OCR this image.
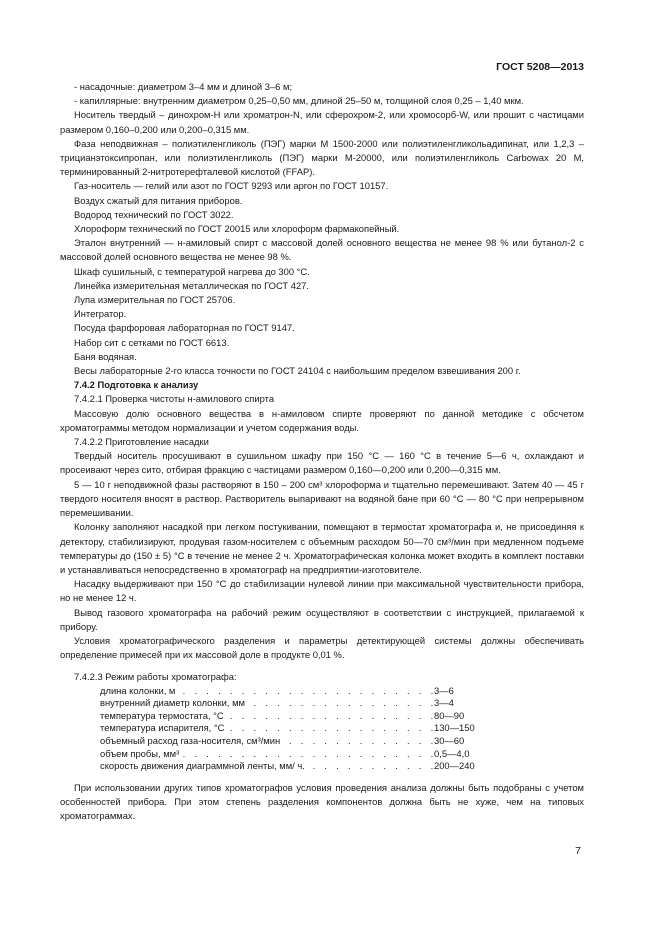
ГОСТ 5208—2013

- насадочные: диаметром 3–4 мм и длиной 3–6 м;

- капиллярные: внутренним диаметром 0,25–0,50 мм, длиной 25–50 м, толщиной слоя 0,25 – 1,40 мкм.

Носитель твердый – динохром-Н или хроматрон-N, или сферохром-2, или хромосорб-W, или прошит с частицами размером 0,160–0,200 или 0,200–0,315 мм.

Фаза неподвижная – полиэтиленгликоль (ПЭГ) марки М 1500-2000 или полиэтиленгликольадипинат, или 1,2,3 – трицианэтоксипропан, или полиэтиленгликоль (ПЭГ) марки М-20000, или полиэтиленгликоль Carbowax 20 М, терминированный 2-нитротерефталевой кислотой (FFAP).

Газ-носитель — гелий или азот по ГОСТ 9293 или аргон по ГОСТ 10157.

Воздух сжатый для питания приборов.

Водород технический по ГОСТ 3022.

Хлороформ технический по ГОСТ 20015 или хлороформ фармакопейный.

Эталон внутренний — н-амиловый спирт с массовой долей основного вещества не менее 98 % или бутанол-2 с массовой долей основного вещества не менее 98 %.

Шкаф сушильный, с температурой нагрева до 300 °С.

Линейка измерительная металлическая по ГОСТ 427.

Лупа измерительная по ГОСТ 25706.

Интегратор.

Посуда фарфоровая лабораторная по ГОСТ 9147.

Набор сит с сетками по ГОСТ 6613.

Баня водяная.

Весы лабораторные 2-го класса точности по ГОСТ 24104 с наибольшим пределом взвешивания 200 г.

7.4.2 Подготовка к анализу

7.4.2.1 Проверка чистоты н-амилового спирта

Массовую долю основного вещества в н-амиловом спирте проверяют по данной методике с обсчетом хроматограммы методом нормализации и учетом содержания воды.

7.4.2.2 Приготовление насадки

Твердый носитель просушивают в сушильном шкафу при 150 °С — 160 °С в течение 5—6 ч, охлаждают и просеивают через сито, отбирая фракцию с частицами размером 0,160—0,200 или 0,200—0,315 мм.

5 — 10 г неподвижной фазы растворяют в 150 – 200 см³ хлороформа и тщательно перемешивают. Затем 40 — 45 г твердого носителя вносят в раствор. Растворитель выпаривают на водяной бане при 60 °С — 80 °С при непрерывном перемешивании.

Колонку заполняют насадкой при легком постукивании, помещают в термостат хроматографа и, не присоединяя к детектору, стабилизируют, продувая газом-носителем с объемным расходом 50—70 см³/мин при медленном подъеме температуры до (150 ± 5) °С в течение не менее 2 ч. Хроматографическая колонка может входить в комплект поставки и устанавливаться непосредственно в хроматограф на предприятии-изготовителе.

Насадку выдерживают при 150 °С до стабилизации нулевой линии при максимальной чувствительности прибора, но не менее 12 ч.

Вывод газового хроматографа на рабочий режим осуществляют в соответствии с инструкцией, прилагаемой к прибору.

Условия хроматографического разделения и параметры детектирующей системы должны обеспечивать определение примесей при их массовой доле в продукте 0,01 %.

7.4.2.3 Режим работы хроматографа:

длина колонки, м . . .	3—6
внутренний диаметр колонки, мм . . .	3—4
температура термостата, °С . . .	80—90
температура испарителя, °С . . .	130—150
объемный расход газа-носителя, см³/мин . . .	30—60
объем пробы, мм³ . . .	0,5—4,0
скорость движения диаграммной ленты, мм/ ч. . . .	200—240

При использовании других типов хроматографов условия проведения анализа должны быть подобраны с учетом особенностей прибора. При этом степень разделения компонентов должна быть не хуже, чем на типовых хроматограммах.

7
